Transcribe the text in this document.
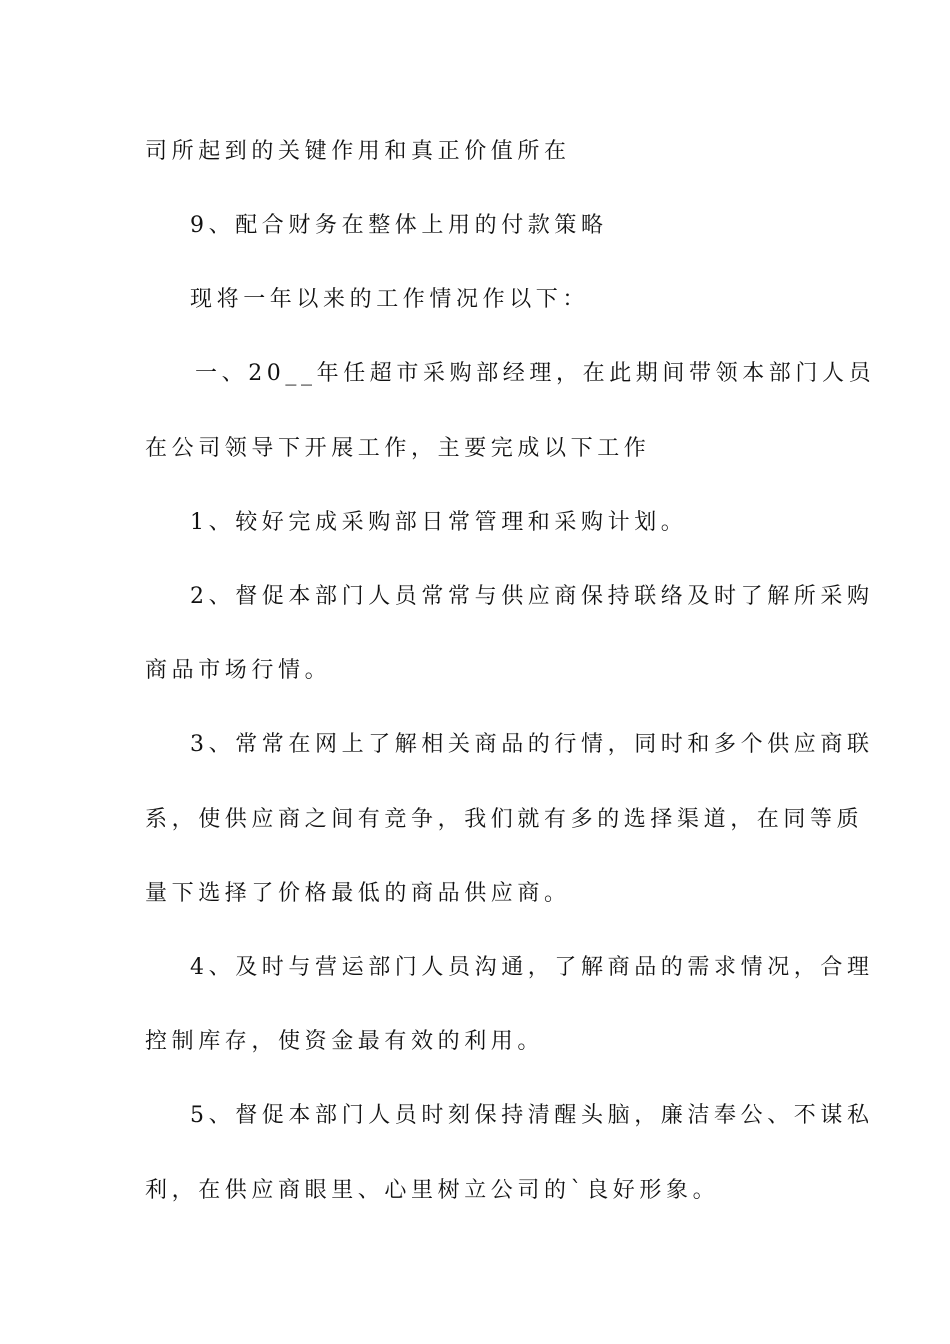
司所起到的关键作用和真正价值所在

9、配合财务在整体上用的付款策略

现将一年以来的工作情况作以下：

一、20__年任超市采购部经理，在此期间带领本部门人员

在公司领导下开展工作，主要完成以下工作

1、较好完成采购部日常管理和采购计划。

2、督促本部门人员常常与供应商保持联络及时了解所采购

商品市场行情。

3、常常在网上了解相关商品的行情，同时和多个供应商联

系，使供应商之间有竞争，我们就有多的选择渠道，在同等质

量下选择了价格最低的商品供应商。

4、及时与营运部门人员沟通，了解商品的需求情况，合理

控制库存，使资金最有效的利用。

5、督促本部门人员时刻保持清醒头脑，廉洁奉公、不谋私

利，在供应商眼里、心里树立公司的`良好形象。
